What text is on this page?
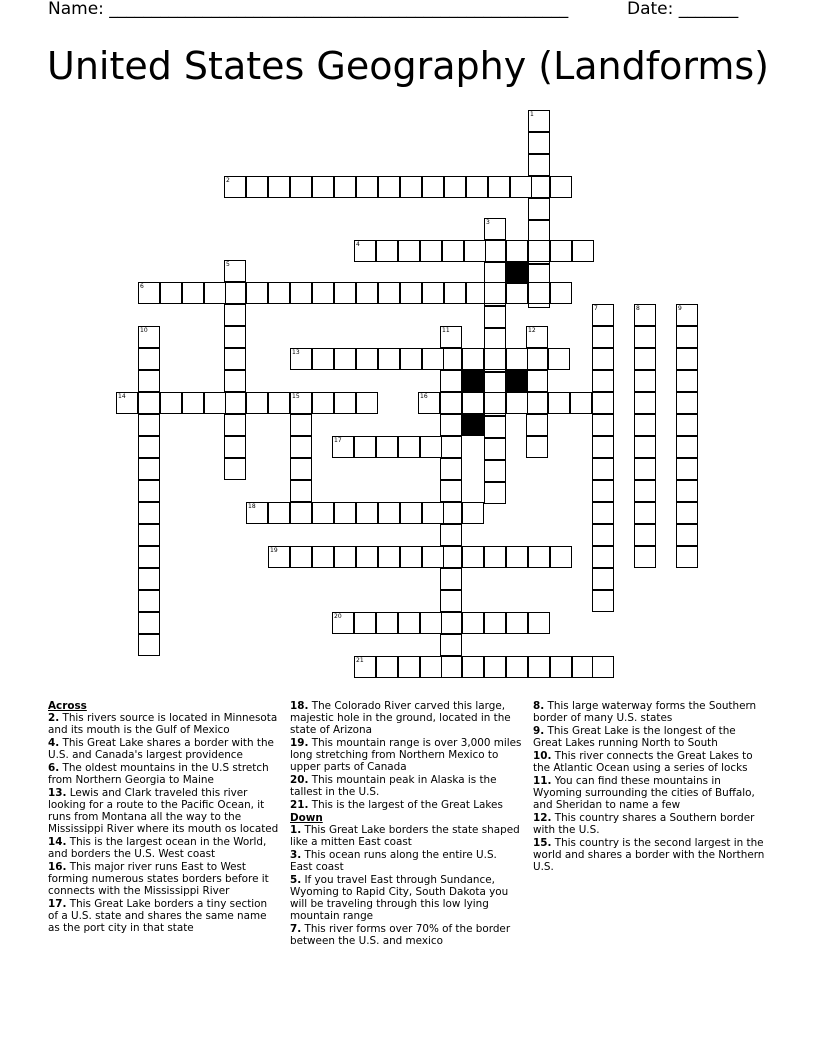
Name: ______________________________________________________	Date: _______
United States Geography (Landforms)
1
2
3
4
5
6
7	8	9
10	11	12
13
14	15	16
17
18
19
20
21
Across
2. This rivers source is located in Minnesota and its mouth is the Gulf of Mexico
4. This Great Lake shares a border with the U.S. and Canada's largest providence
6. The oldest mountains in the U.S stretch from Northern Georgia to Maine
13. Lewis and Clark traveled this river looking for a route to the Pacific Ocean, it runs from Montana all the way to the Mississippi River where its mouth os located
14. This is the largest ocean in the World, and borders the U.S. West coast
16. This major river runs East to West forming numerous states borders before it connects with the Mississippi River
17. This Great Lake borders a tiny section of a U.S. state and shares the same name as the port city in that state
18. The Colorado River carved this large, majestic hole in the ground, located in the state of Arizona
19. This mountain range is over 3,000 miles long stretching from Northern Mexico to upper parts of Canada
20. This mountain peak in Alaska is the tallest in the U.S.
21. This is the largest of the Great Lakes
Down
1. This Great Lake borders the state shaped like a mitten East coast
3. This ocean runs along the entire U.S. East coast
5. If you travel East through Sundance, Wyoming to Rapid City, South Dakota you will be traveling through this low lying mountain range
7. This river forms over 70% of the border between the U.S. and mexico
8. This large waterway forms the Southern border of many U.S. states
9. This Great Lake is the longest of the Great Lakes running North to South
10. This river connects the Great Lakes to the Atlantic Ocean using a series of locks
11. You can find these mountains in Wyoming surrounding the cities of Buffalo, and Sheridan to name a few
12. This country shares a Southern border with the U.S.
15. This country is the second largest in the world and shares a border with the Northern U.S.
